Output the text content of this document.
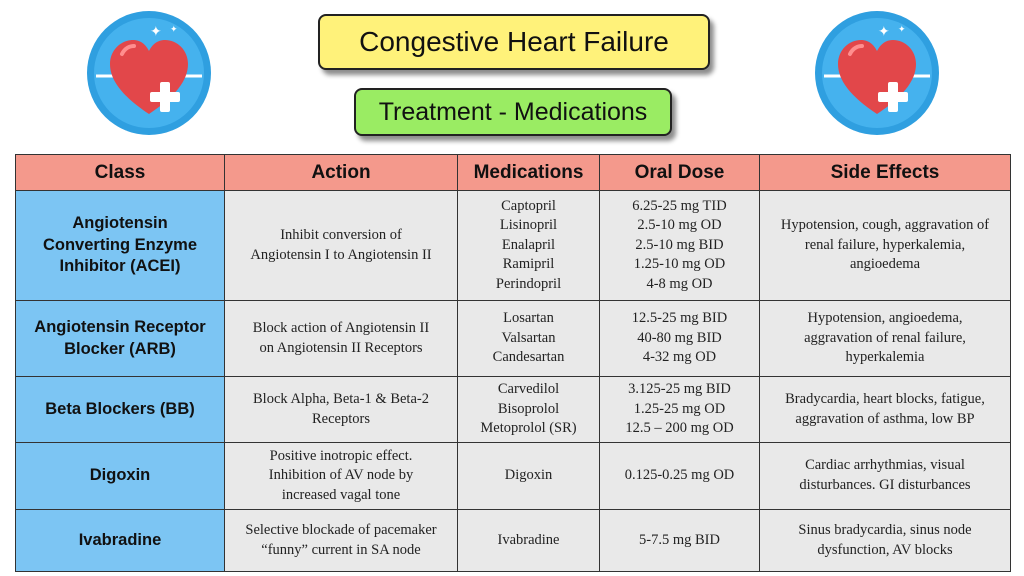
✦ ✦	✦ ✦
Congestive Heart Failure
Treatment - Medications
Class	Action	Medications	Oral Dose	Side Effects

Angiotensin
Converting Enzyme
Inhibitor (ACEI)	Inhibit conversion of
Angiotensin I to Angiotensin II	Captopril
Lisinopril
Enalapril
Ramipril
Perindopril	6.25-25 mg TID
2.5-10 mg OD
2.5-10 mg BID
1.25-10 mg OD
4-8 mg OD	Hypotension, cough, aggravation of
renal failure, hyperkalemia,
angioedema

Angiotensin Receptor
Blocker (ARB)	Block action of Angiotensin II
on Angiotensin II Receptors	Losartan
Valsartan
Candesartan	12.5-25 mg BID
40-80 mg BID
4-32 mg OD	Hypotension, angioedema,
aggravation of renal failure,
hyperkalemia

Beta Blockers (BB)	Block Alpha, Beta-1 & Beta-2
Receptors	Carvedilol
Bisoprolol
Metoprolol (SR)	3.125-25 mg BID
1.25-25 mg OD
12.5 – 200 mg OD	Bradycardia, heart blocks, fatigue,
aggravation of asthma, low BP

Digoxin	Positive inotropic effect.
Inhibition of AV node by
increased vagal tone	Digoxin	0.125-0.25 mg OD	Cardiac arrhythmias, visual
disturbances. GI disturbances

Ivabradine	Selective blockade of pacemaker
“funny” current in SA node	Ivabradine	5-7.5 mg BID	Sinus bradycardia, sinus node
dysfunction, AV blocks
